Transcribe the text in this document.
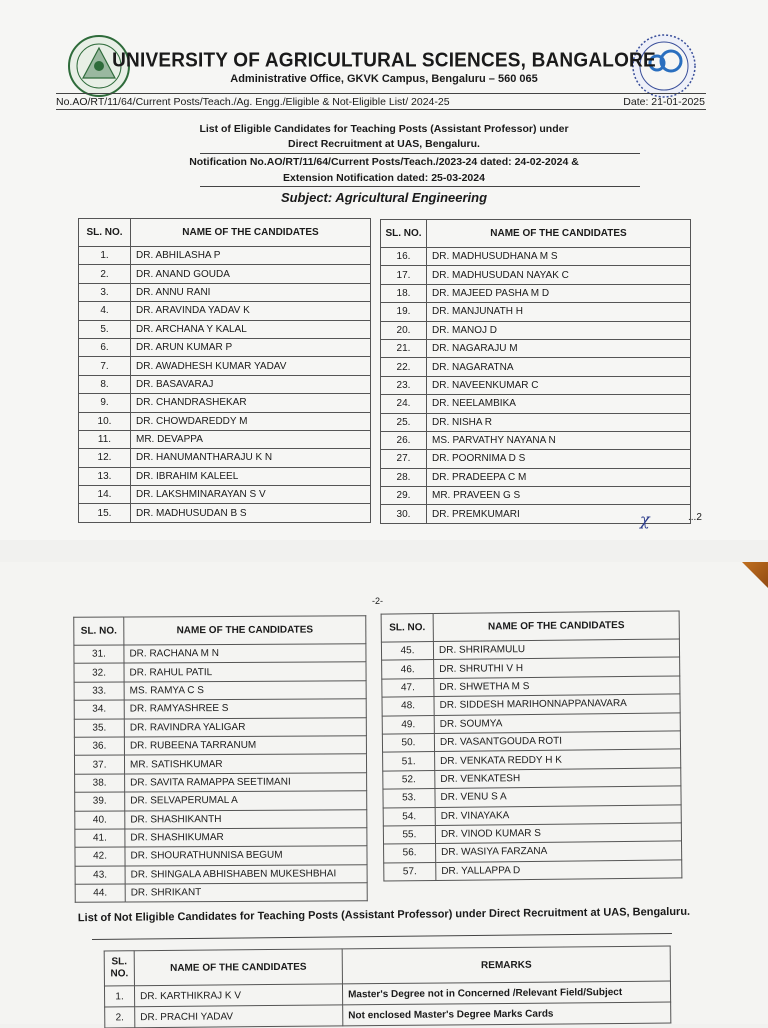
UNIVERSITY OF AGRICULTURAL SCIENCES, BANGALORE
Administrative Office, GKVK Campus, Bengaluru – 560 065
No.AO/RT/11/64/Current Posts/Teach./Ag. Engg./Eligible & Not-Eligible List/ 2024-25	Date: 21-01-2025
List of Eligible Candidates for Teaching Posts (Assistant Professor) under
Direct Recruitment at UAS, Bengaluru.
Notification No.AO/RT/11/64/Current Posts/Teach./2023-24 dated: 24-02-2024 &
Extension Notification dated: 25-03-2024
Subject: Agricultural Engineering
SL. NO.	NAME OF THE CANDIDATES
1.	DR. ABHILASHA P
2.	DR. ANAND GOUDA
3.	DR. ANNU RANI
4.	DR. ARAVINDA YADAV K
5.	DR. ARCHANA Y KALAL
6.	DR. ARUN KUMAR P
7.	DR. AWADHESH KUMAR YADAV
8.	DR. BASAVARAJ
9.	DR. CHANDRASHEKAR
10.	DR. CHOWDAREDDY M
11.	MR. DEVAPPA
12.	DR. HANUMANTHARAJU K N
13.	DR. IBRAHIM KALEEL
14.	DR. LAKSHMINARAYAN S V
15.	DR. MADHUSUDAN B S
SL. NO.	NAME OF THE CANDIDATES
16.	DR. MADHUSUDHANA M S
17.	DR. MADHUSUDAN NAYAK C
18.	DR. MAJEED PASHA M D
19.	DR. MANJUNATH H
20.	DR. MANOJ D
21.	DR. NAGARAJU M
22.	DR. NAGARATNA
23.	DR. NAVEENKUMAR C
24.	DR. NEELAMBIKA
25.	DR. NISHA R
26.	MS. PARVATHY NAYANA N
27.	DR. POORNIMA D S
28.	DR. PRADEEPA C M
29.	MR. PRAVEEN G S
30.	DR. PREMKUMARI	χ	...2
-2-
SL. NO.	NAME OF THE CANDIDATES
31.	DR. RACHANA M N
32.	DR. RAHUL PATIL
33.	MS. RAMYA C S
34.	DR. RAMYASHREE S
35.	DR. RAVINDRA YALIGAR
36.	DR. RUBEENA TARRANUM
37.	MR. SATISHKUMAR
38.	DR. SAVITA RAMAPPA SEETIMANI
39.	DR. SELVAPERUMAL A
40.	DR. SHASHIKANTH
41.	DR. SHASHIKUMAR
42.	DR. SHOURATHUNNISA BEGUM
43.	DR. SHINGALA ABHISHABEN MUKESHBHAI
44.	DR. SHRIKANT
SL. NO.	NAME OF THE CANDIDATES
45.	DR. SHRIRAMULU
46.	DR. SHRUTHI V H
47.	DR. SHWETHA M S
48.	DR. SIDDESH MARIHONNAPPANAVARA
49.	DR. SOUMYA
50.	DR. VASANTGOUDA ROTI
51.	DR. VENKATA REDDY H K
52.	DR. VENKATESH
53.	DR. VENU S A
54.	DR. VINAYAKA
55.	DR. VINOD KUMAR S
56.	DR. WASIYA FARZANA
57.	DR. YALLAPPA D
List of Not Eligible Candidates for Teaching Posts (Assistant Professor) under Direct Recruitment at UAS, Bengaluru.
SL.
NO.	NAME OF THE CANDIDATES	REMARKS
1.	DR. KARTHIKRAJ K V	Master's Degree not in Concerned /Relevant Field/Subject
2.	DR. PRACHI YADAV	Not enclosed Master's Degree Marks Cards
